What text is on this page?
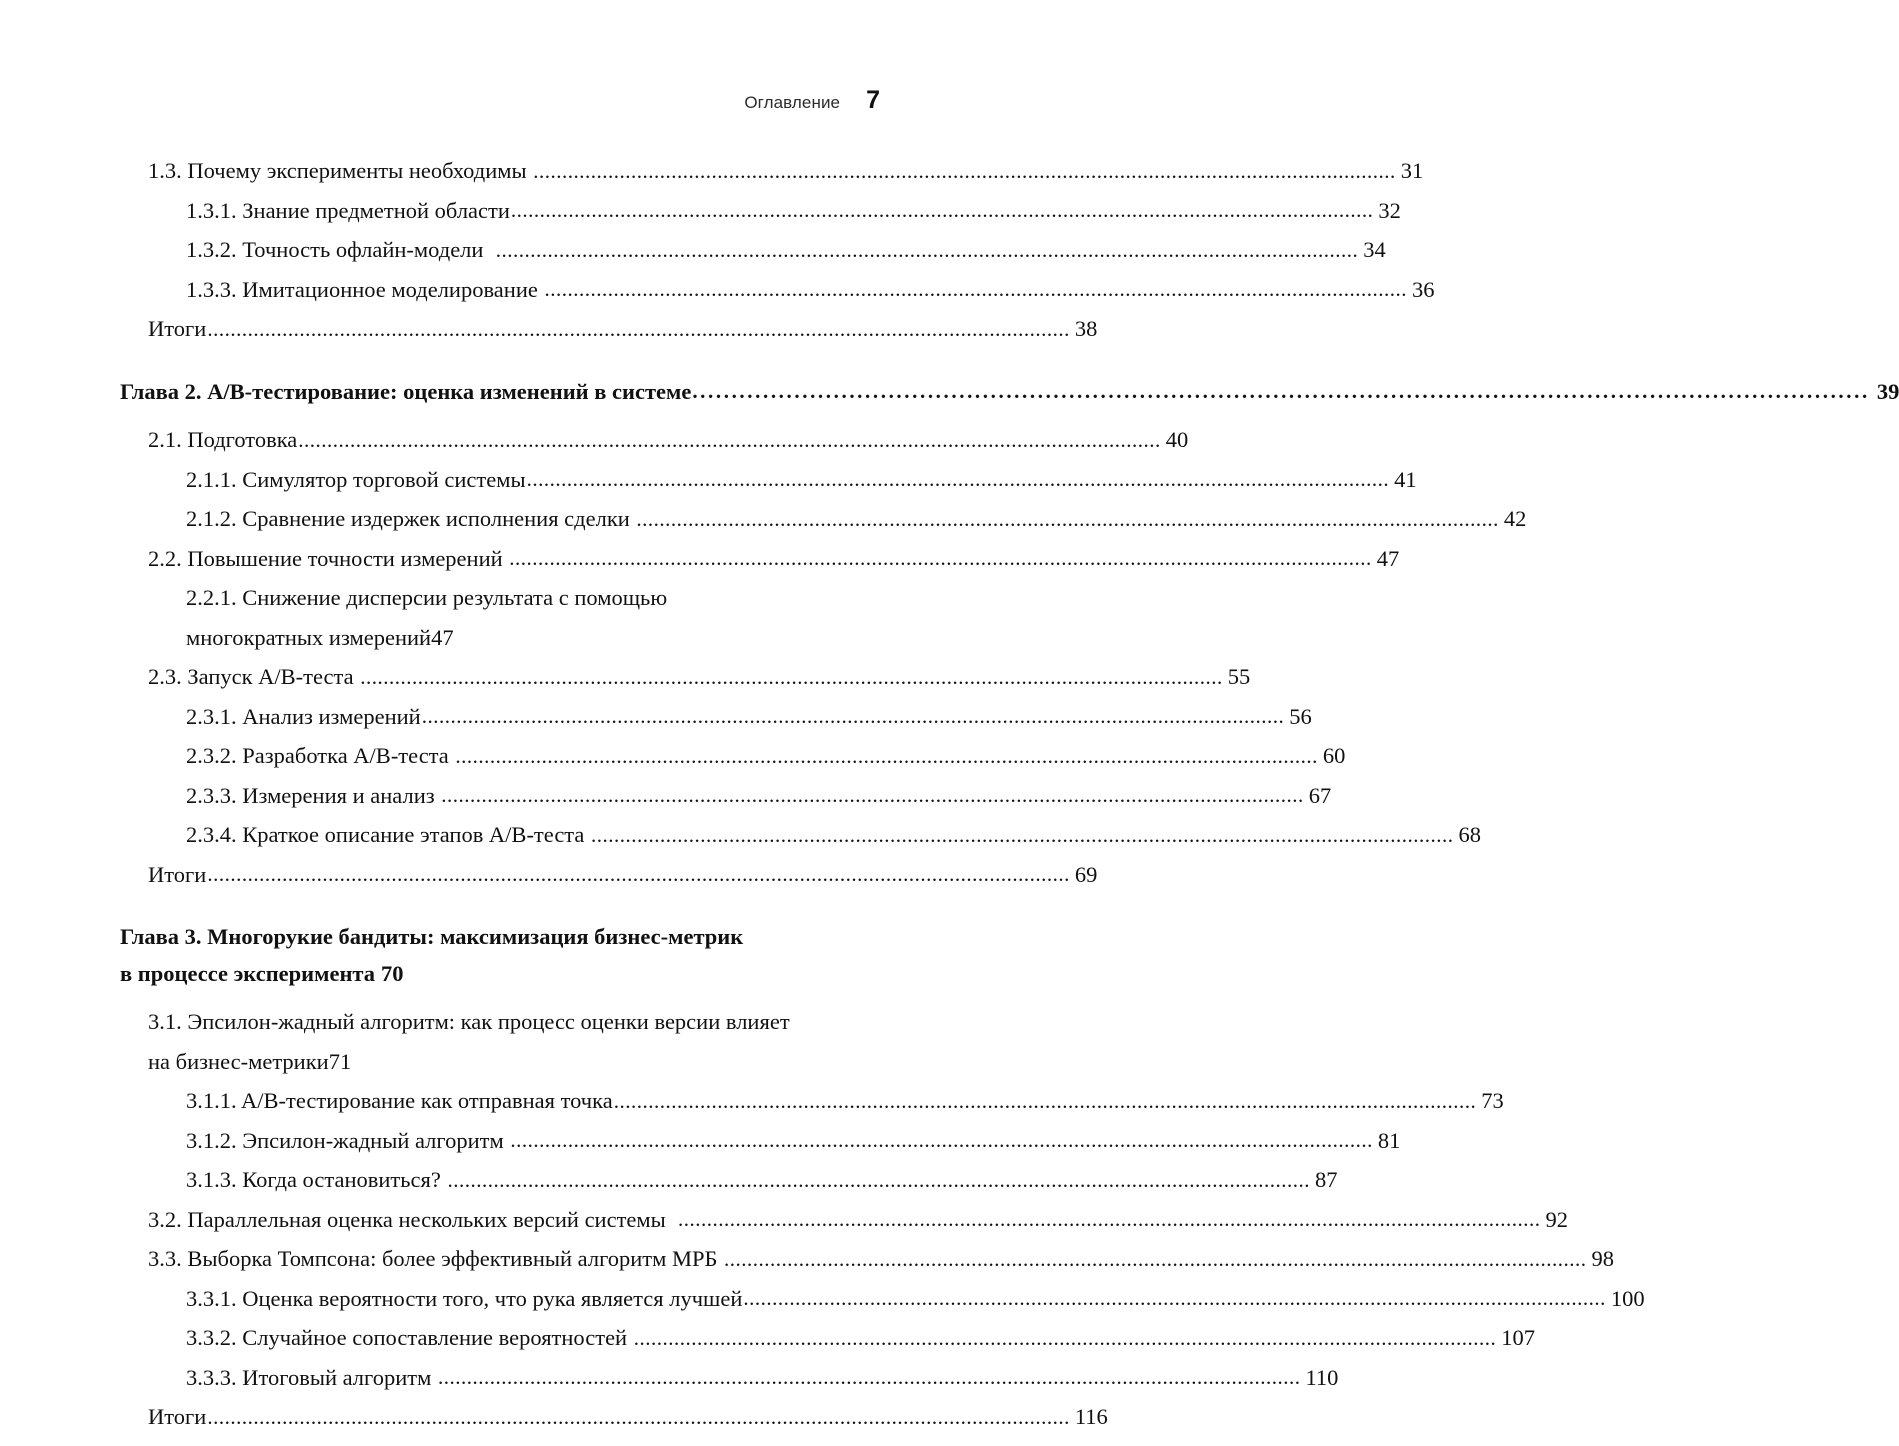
Оглавление 7
1.3. Почему эксперименты необходимы .....	31
1.3.1. Знание предметной области .....	32
1.3.2. Точность офлайн-модели .....	34
1.3.3. Имитационное моделирование .....	36
Итоги .....	38
Глава 2. A/B-тестирование: оценка изменений в системе .....	39
2.1. Подготовка .....	40
2.1.1. Симулятор торговой системы .....	41
2.1.2. Сравнение издержек исполнения сделки .....	42
2.2. Повышение точности измерений .....	47
2.2.1. Снижение дисперсии результата с помощью
многократных измерений 47
2.3. Запуск A/B-теста .....	55
2.3.1. Анализ измерений .....	56
2.3.2. Разработка A/B-теста .....	60
2.3.3. Измерения и анализ .....	67
2.3.4. Краткое описание этапов A/B-теста .....	68
Итоги .....	69
Глава 3. Многорукие бандиты: максимизация бизнес-метрик
в процессе эксперимента 70
3.1. Эпсилон-жадный алгоритм: как процесс оценки версии влияет
на бизнес-метрики 71
3.1.1. A/B-тестирование как отправная точка .....	73
3.1.2. Эпсилон-жадный алгоритм .....	81
3.1.3. Когда остановиться? .....	87
3.2. Параллельная оценка нескольких версий системы .....	92
3.3. Выборка Томпсона: более эффективный алгоритм МРБ .....	98
3.3.1. Оценка вероятности того, что рука является лучшей .....	100
3.3.2. Случайное сопоставление вероятностей .....	107
3.3.3. Итоговый алгоритм .....	110
Итоги .....	116
